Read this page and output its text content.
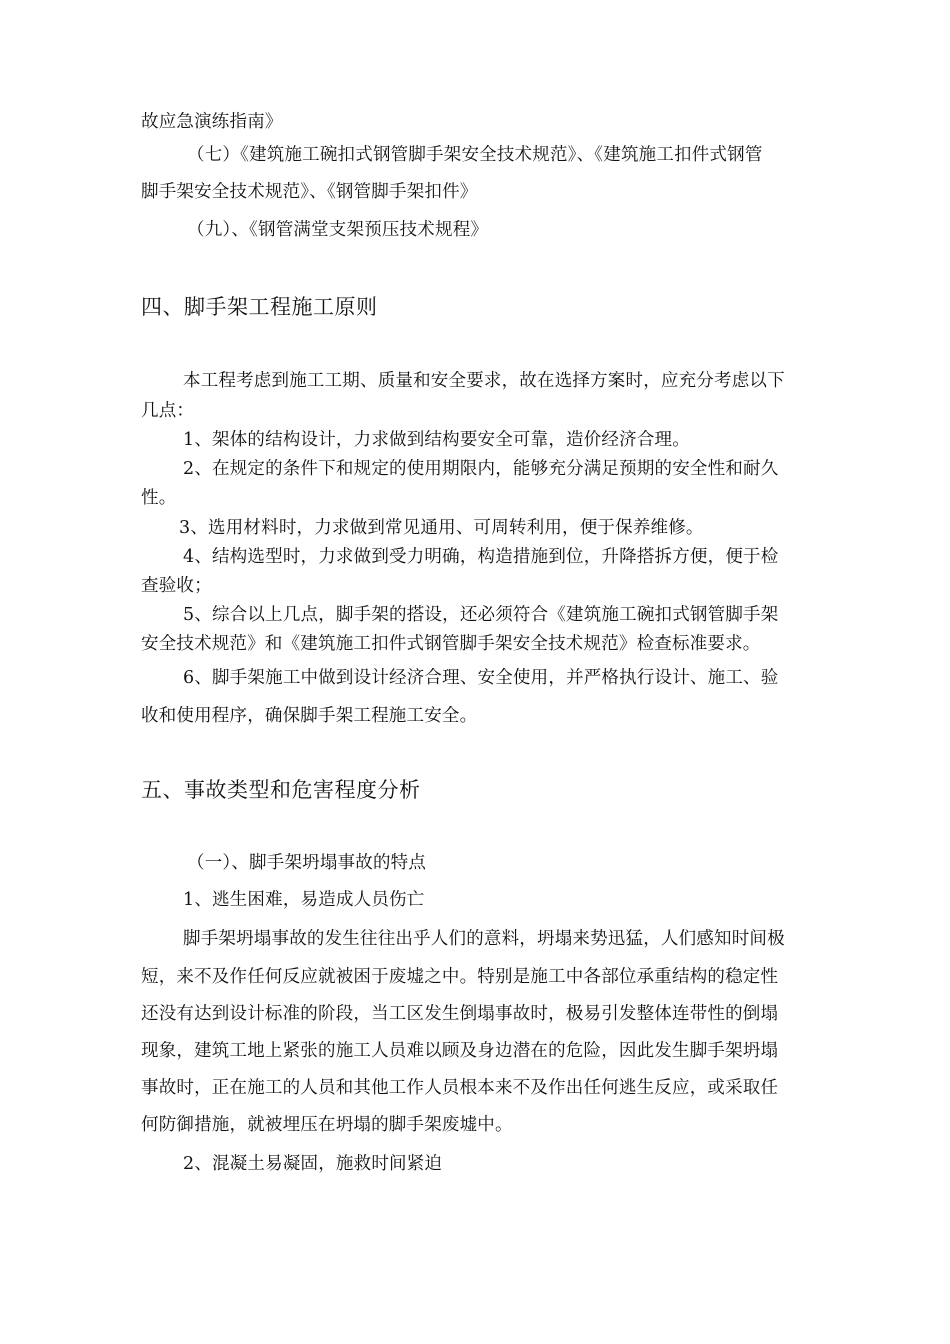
故应急演练指南》
（七）《建筑施工碗扣式钢管脚手架安全技术规范》、《建筑施工扣件式钢管
脚手架安全技术规范》、《钢管脚手架扣件》
（九）、《钢管满堂支架预压技术规程》
四、脚手架工程施工原则
本工程考虑到施工工期、质量和安全要求，故在选择方案时，应充分考虑以下
几点：
1、架体的结构设计，力求做到结构要安全可靠，造价经济合理。
2、在规定的条件下和规定的使用期限内，能够充分满足预期的安全性和耐久
性。
3、选用材料时，力求做到常见通用、可周转利用，便于保养维修。
4、结构选型时，力求做到受力明确，构造措施到位，升降搭拆方便，便于检
查验收；
5、综合以上几点，脚手架的搭设，还必须符合《建筑施工碗扣式钢管脚手架
安全技术规范》和《建筑施工扣件式钢管脚手架安全技术规范》检查标准要求。
6、脚手架施工中做到设计经济合理、安全使用，并严格执行设计、施工、验
收和使用程序，确保脚手架工程施工安全。
五、事故类型和危害程度分析
（一）、脚手架坍塌事故的特点
1、逃生困难，易造成人员伤亡
脚手架坍塌事故的发生往往出乎人们的意料，坍塌来势迅猛，人们感知时间极
短，来不及作任何反应就被困于废墟之中。特别是施工中各部位承重结构的稳定性
还没有达到设计标准的阶段，当工区发生倒塌事故时，极易引发整体连带性的倒塌
现象，建筑工地上紧张的施工人员难以顾及身边潜在的危险，因此发生脚手架坍塌
事故时，正在施工的人员和其他工作人员根本来不及作出任何逃生反应，或采取任
何防御措施，就被埋压在坍塌的脚手架废墟中。
2、混凝土易凝固，施救时间紧迫
